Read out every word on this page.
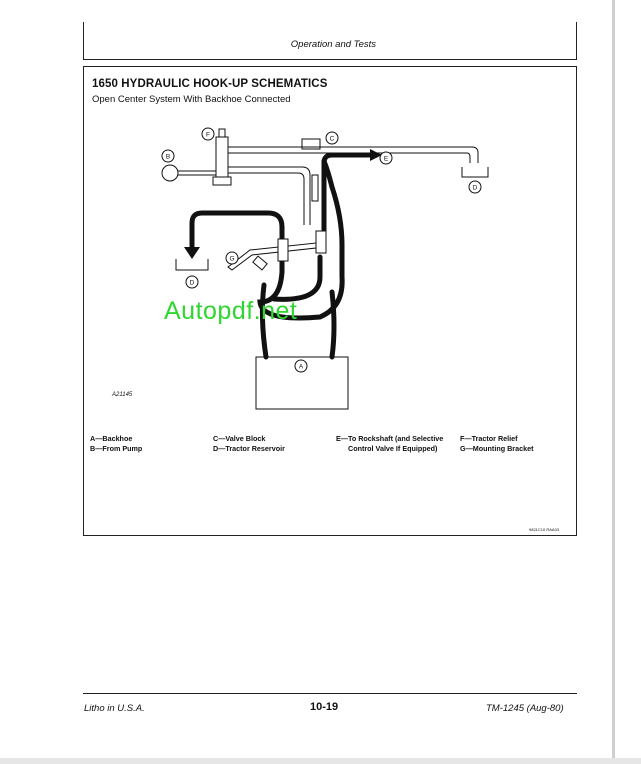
Operation and Tests
1650 HYDRAULIC HOOK-UP SCHEMATICS
Open Center System With Backhoe Connected
F
B
C
E
D
D
G
A
A21145
A—Backhoe
B—From Pump
C—Valve Block
D—Tractor Reservoir
E—To Rockshaft (and Selective
Control Valve If Equipped)
F—Tractor Relief
G—Mounting Bracket
9821C10 RAA03
Autopdf.net
Litho in U.S.A.	10-19	TM-1245 (Aug-80)
